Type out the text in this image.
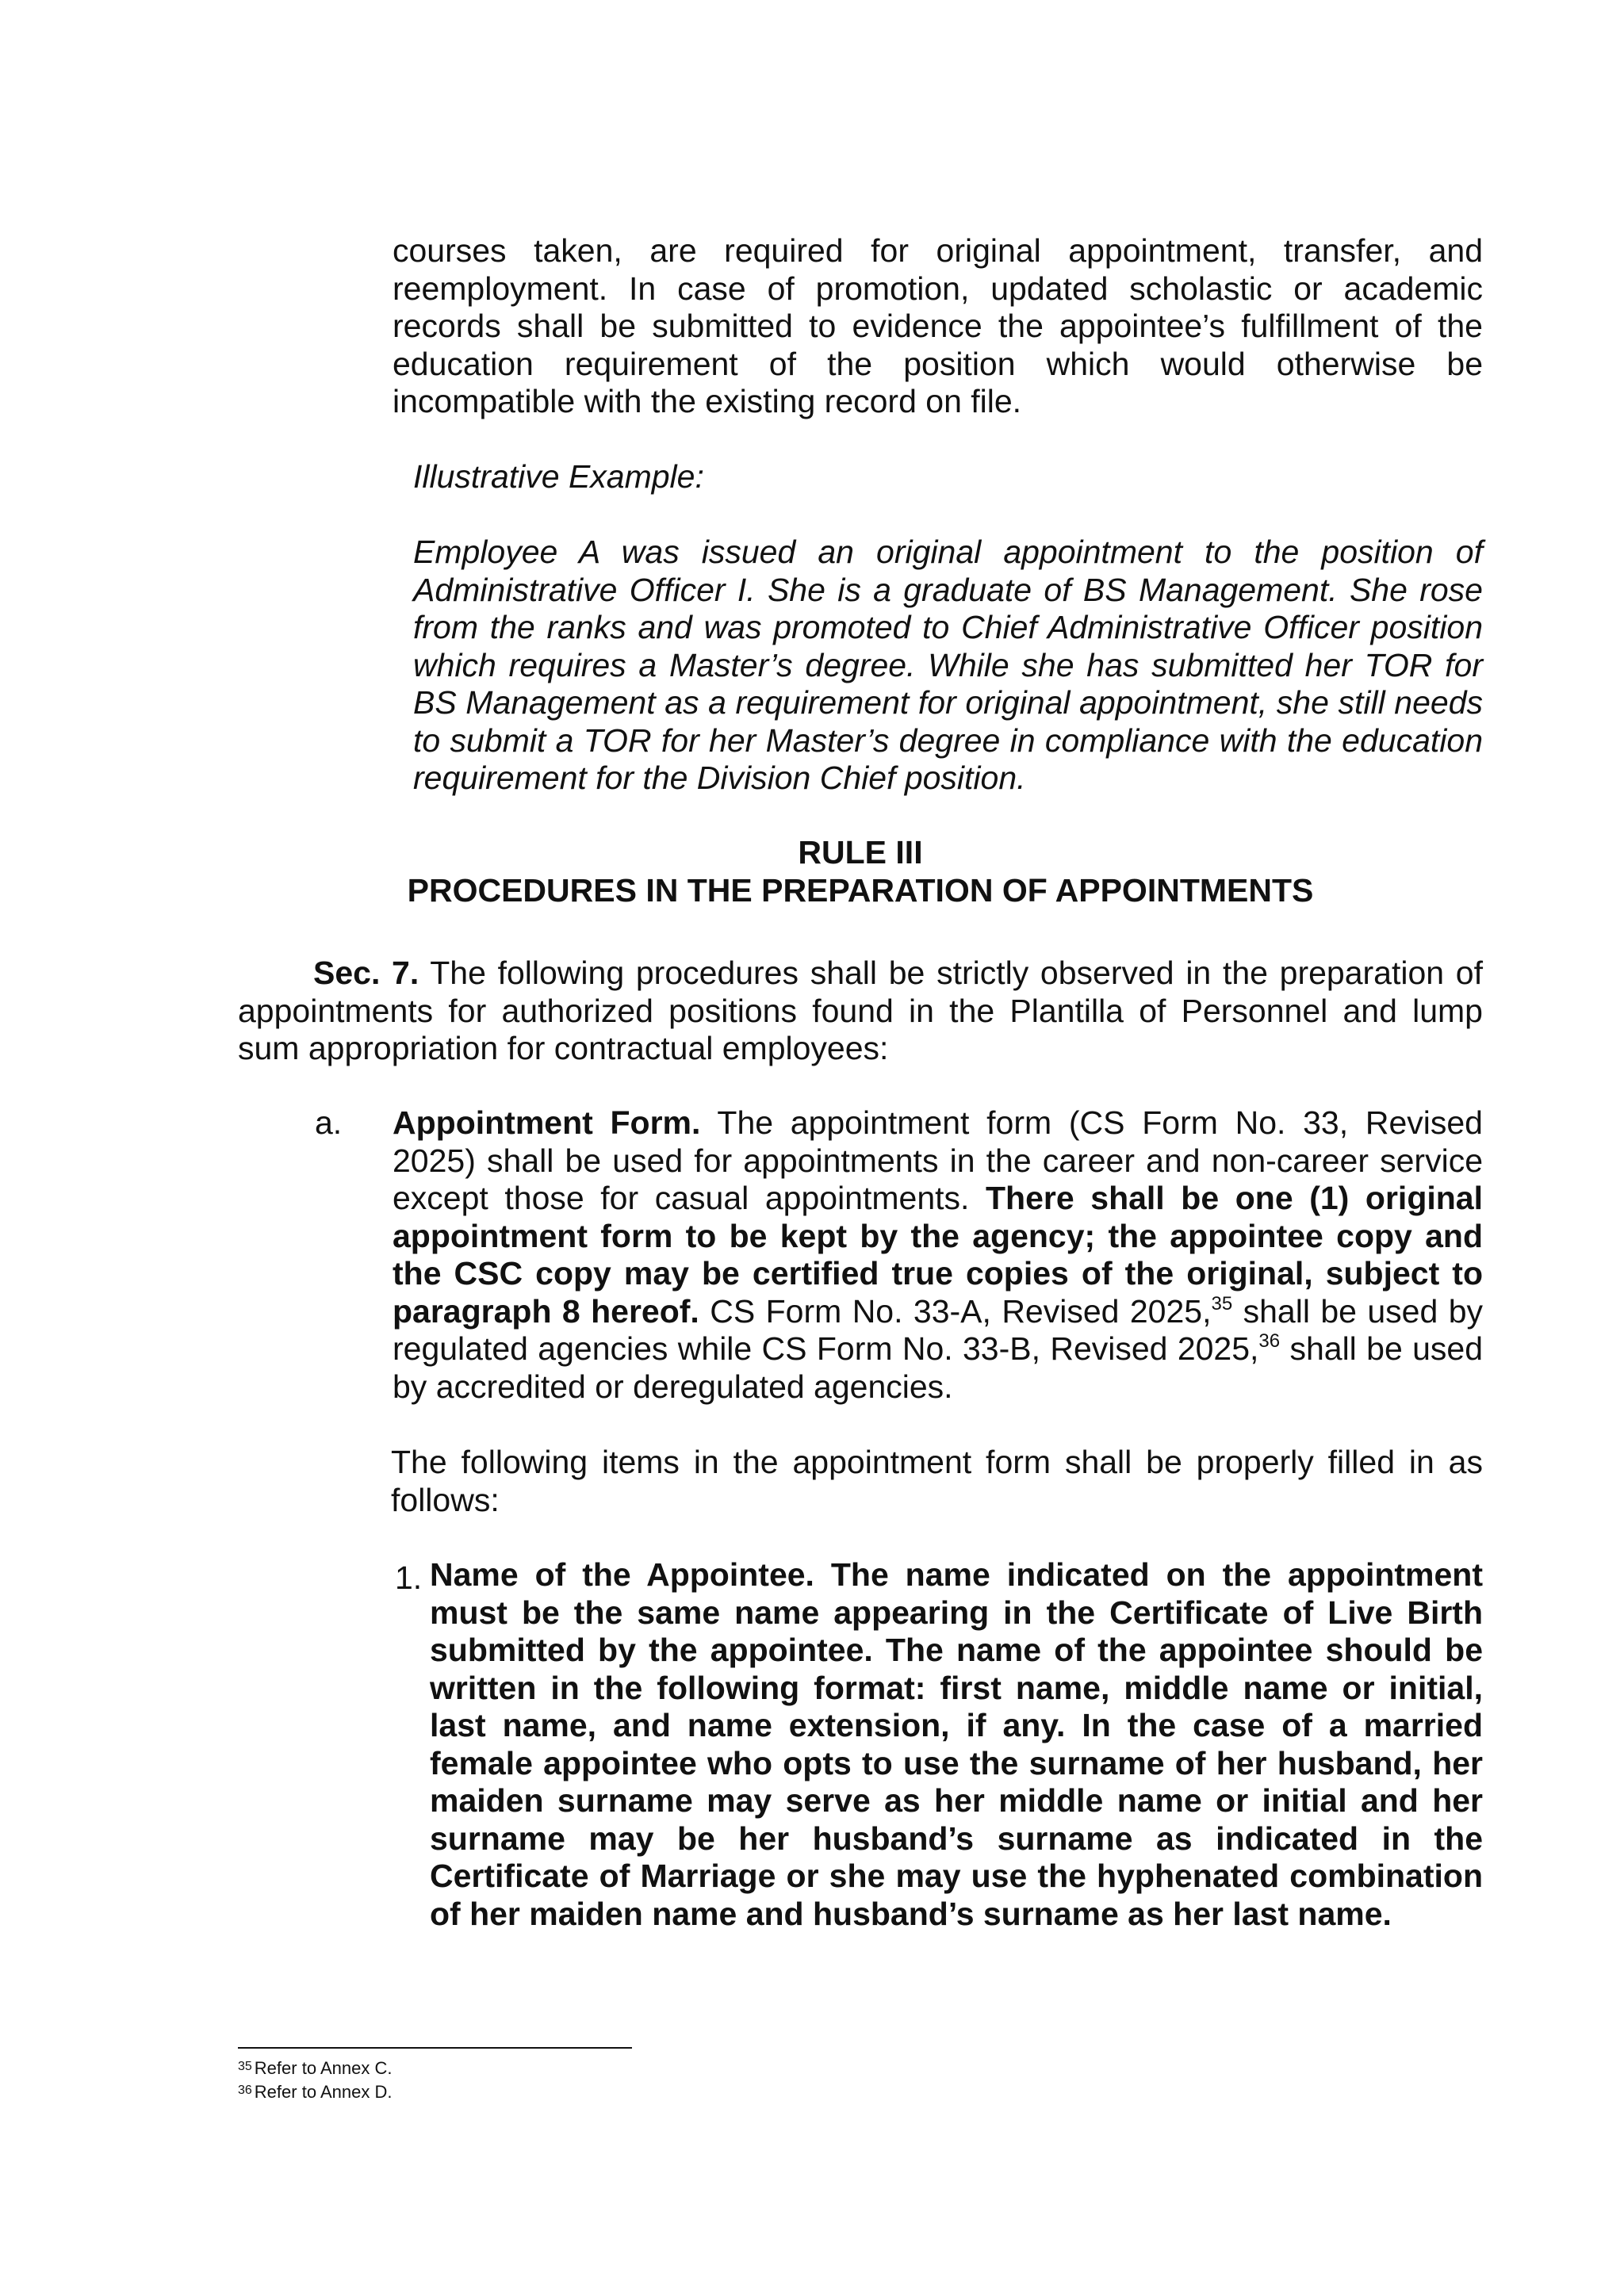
courses taken, are required for original appointment, transfer, and reemployment. In case of promotion, updated scholastic or academic records shall be submitted to evidence the appointee’s fulfillment of the education requirement of the position which would otherwise be incompatible with the existing record on file.

Illustrative Example:

Employee A was issued an original appointment to the position of Administrative Officer I. She is a graduate of BS Management. She rose from the ranks and was promoted to Chief Administrative Officer position which requires a Master’s degree. While she has submitted her TOR for BS Management as a requirement for original appointment, she still needs to submit a TOR for her Master’s degree in compliance with the education requirement for the Division Chief position.

RULE III
PROCEDURES IN THE PREPARATION OF APPOINTMENTS

Sec. 7. The following procedures shall be strictly observed in the preparation of appointments for authorized positions found in the Plantilla of Personnel and lump sum appropriation for contractual employees:

a. Appointment Form. The appointment form (CS Form No. 33, Revised 2025) shall be used for appointments in the career and non-career service except those for casual appointments. There shall be one (1) original appointment form to be kept by the agency; the appointee copy and the CSC copy may be certified true copies of the original, subject to paragraph 8 hereof. CS Form No. 33-A, Revised 2025,35 shall be used by regulated agencies while CS Form No. 33-B, Revised 2025,36 shall be used by accredited or deregulated agencies.

The following items in the appointment form shall be properly filled in as follows:

1. Name of the Appointee. The name indicated on the appointment must be the same name appearing in the Certificate of Live Birth submitted by the appointee. The name of the appointee should be written in the following format: first name, middle name or initial, last name, and name extension, if any. In the case of a married female appointee who opts to use the surname of her husband, her maiden surname may serve as her middle name or initial and her surname may be her husband’s surname as indicated in the Certificate of Marriage or she may use the hyphenated combination of her maiden name and husband’s surname as her last name.

$^{35}$ Refer to Annex C.
$^{36}$ Refer to Annex D.
